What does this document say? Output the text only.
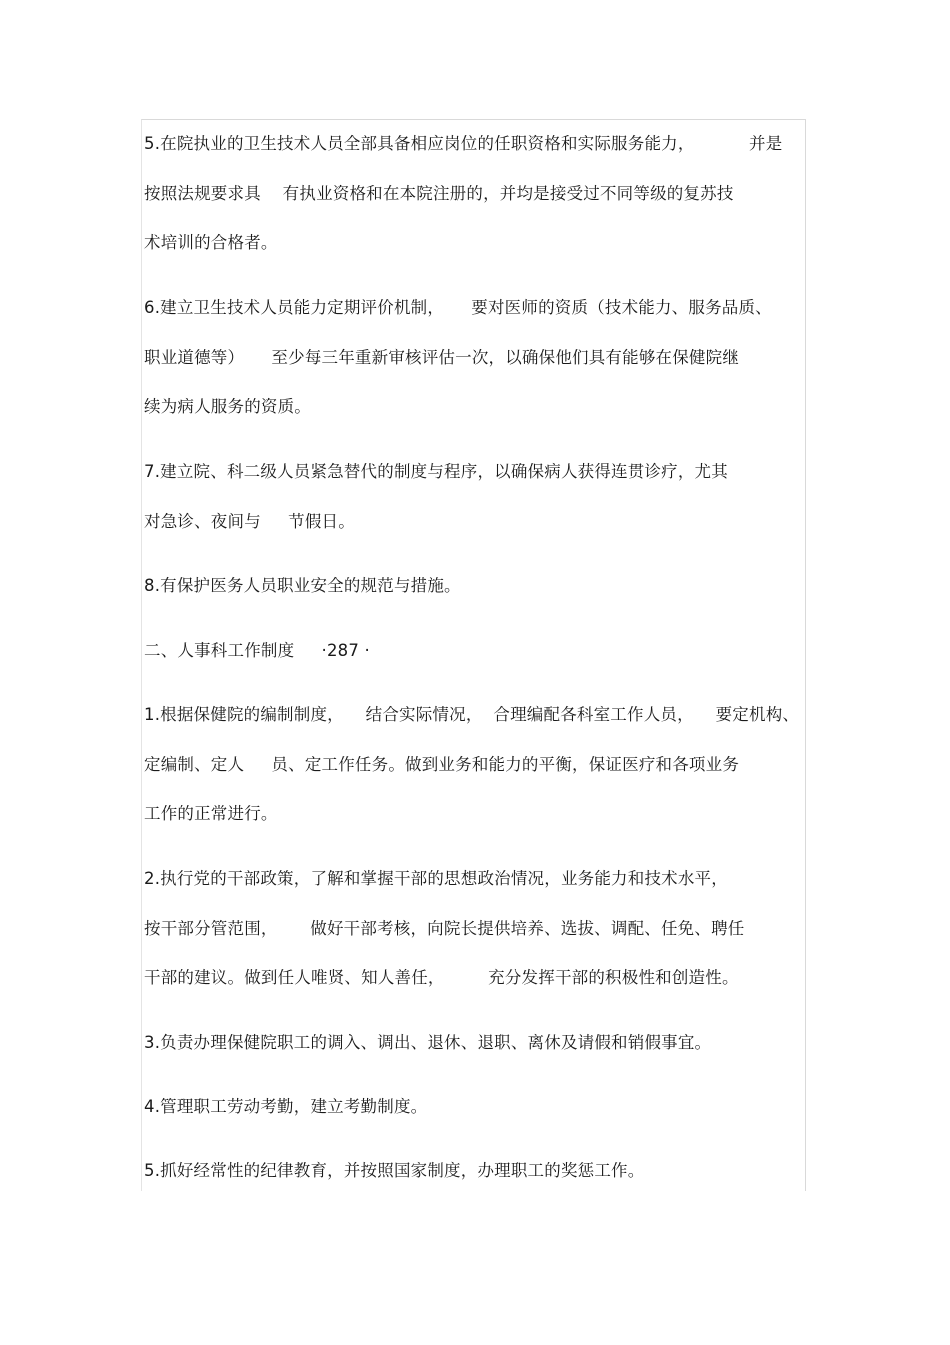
5.在院执业的卫生技术人员全部具备相应岗位的任职资格和实际服务能力，          并是

按照法规要求具    有执业资格和在本院注册的，并均是接受过不同等级的复苏技

术培训的合格者。

6.建立卫生技术人员能力定期评价机制，     要对医师的资质（技术能力、服务品质、

职业道德等）     至少每三年重新审核评估一次，以确保他们具有能够在保健院继

续为病人服务的资质。

7.建立院、科二级人员紧急替代的制度与程序，以确保病人获得连贯诊疗，尤其

对急诊、夜间与     节假日。

8.有保护医务人员职业安全的规范与措施。

二、人事科工作制度     ·287 ·

1.根据保健院的编制制度，    结合实际情况，  合理编配各科室工作人员，    要定机构、

定编制、定人     员、定工作任务。做到业务和能力的平衡，保证医疗和各项业务

工作的正常进行。

2.执行党的干部政策，了解和掌握干部的思想政治情况，业务能力和技术水平，

按干部分管范围，      做好干部考核，向院长提供培养、选拔、调配、任免、聘任

干部的建议。做到任人唯贤、知人善任，        充分发挥干部的积极性和创造性。

3.负责办理保健院职工的调入、调出、退休、退职、离休及请假和销假事宜。

4.管理职工劳动考勤，建立考勤制度。

5.抓好经常性的纪律教育，并按照国家制度，办理职工的奖惩工作。
